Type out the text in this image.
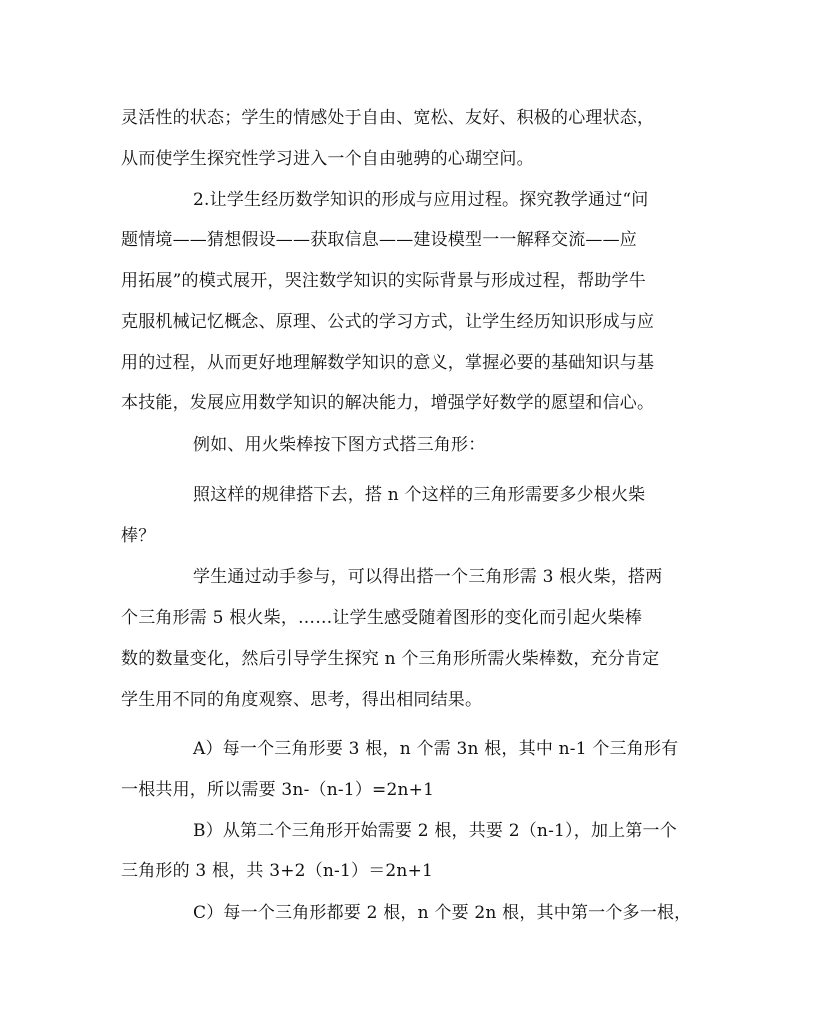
灵活性的状态；学生的情感处于自由、宽松、友好、积极的心理状态，
从而使学生探究性学习进入一个自由驰骋的心瑚空问。
2.让学生经历数学知识的形成与应用过程。探究教学通过“问
题情境——猜想假设——获取信息——建设模型一一解释交流——应
用拓展”的模式展开，哭注数学知识的实际背景与形成过程，帮助学牛
克服机械记忆概念、原理、公式的学习方式，让学生经历知识形成与应
用的过程，从而更好地理解数学知识的意义，掌握必要的基础知识与基
本技能，发展应用数学知识的解决能力，增强学好数学的愿望和信心。
例如、用火柴棒按下图方式搭三角形：
照这样的规律搭下去，搭 n 个这样的三角形需要多少根火柴
棒？
学生通过动手参与，可以得出搭一个三角形需 3 根火柴，搭两
个三角形需 5 根火柴，……让学生感受随着图形的变化而引起火柴棒
数的数量变化，然后引导学生探究 n 个三角形所需火柴棒数，充分肯定
学生用不同的角度观察、思考，得出相同结果。
A）每一个三角形要 3 根，n 个需 3n 根，其中 n-1 个三角形有
一根共用，所以需要 3n-（n-1）=2n+1
B）从第二个三角形开始需要 2 根，共要 2（n-1），加上第一个
三角形的 3 根，共 3+2（n-1）＝2n+1
C）每一个三角形都要 2 根，n 个要 2n 根，其中第一个多一根，
